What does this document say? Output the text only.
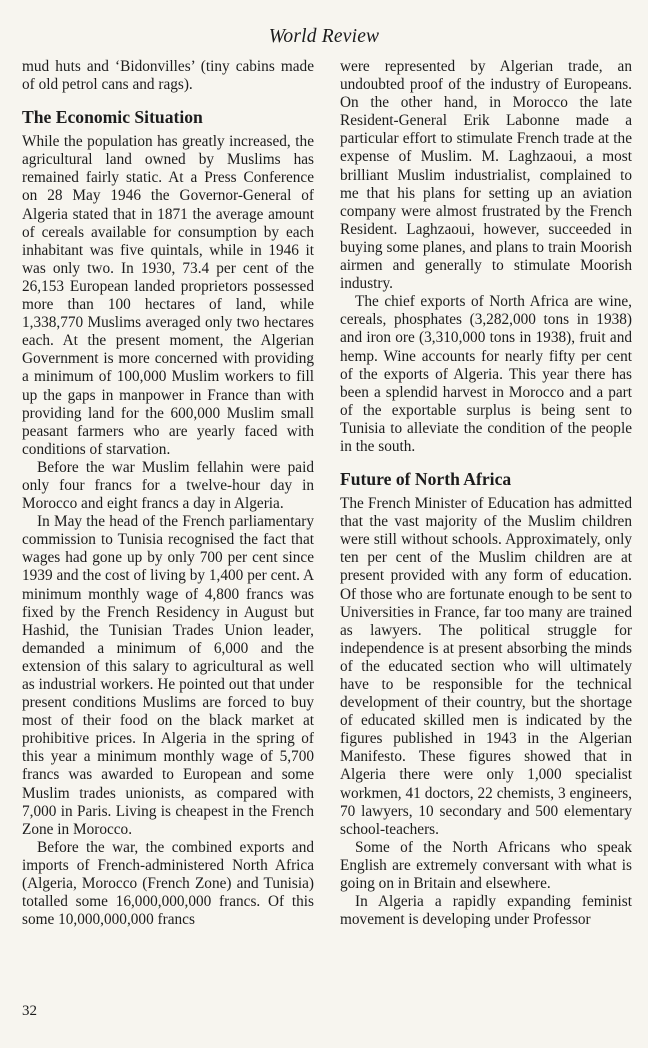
World Review

mud huts and ‘Bidonvilles’ (tiny cabins made of old petrol cans and rags).

The Economic Situation

While the population has greatly increased, the agricultural land owned by Muslims has remained fairly static. At a Press Conference on 28 May 1946 the Governor-General of Algeria stated that in 1871 the average amount of cereals available for consumption by each inhabitant was five quintals, while in 1946 it was only two. In 1930, 73.4 per cent of the 26,153 European landed proprietors possessed more than 100 hectares of land, while 1,338,770 Muslims averaged only two hectares each. At the present moment, the Algerian Government is more concerned with providing a minimum of 100,000 Muslim workers to fill up the gaps in manpower in France than with providing land for the 600,000 Muslim small peasant farmers who are yearly faced with conditions of starvation.

Before the war Muslim fellahin were paid only four francs for a twelve-hour day in Morocco and eight francs a day in Algeria.

In May the head of the French parliamentary commission to Tunisia recognised the fact that wages had gone up by only 700 per cent since 1939 and the cost of living by 1,400 per cent. A minimum monthly wage of 4,800 francs was fixed by the French Residency in August but Hashid, the Tunisian Trades Union leader, demanded a minimum of 6,000 and the extension of this salary to agricultural as well as industrial workers. He pointed out that under present conditions Muslims are forced to buy most of their food on the black market at prohibitive prices. In Algeria in the spring of this year a minimum monthly wage of 5,700 francs was awarded to European and some Muslim trades unionists, as compared with 7,000 in Paris. Living is cheapest in the French Zone in Morocco.

Before the war, the combined exports and imports of French-administered North Africa (Algeria, Morocco (French Zone) and Tunisia) totalled some 16,000,000,000 francs. Of this some 10,000,000,000 francs

were represented by Algerian trade, an undoubted proof of the industry of Europeans. On the other hand, in Morocco the late Resident-General Erik Labonne made a particular effort to stimulate French trade at the expense of Muslim. M. Laghzaoui, a most brilliant Muslim industrialist, complained to me that his plans for setting up an aviation company were almost frustrated by the French Resident. Laghzaoui, however, succeeded in buying some planes, and plans to train Moorish airmen and generally to stimulate Moorish industry.

The chief exports of North Africa are wine, cereals, phosphates (3,282,000 tons in 1938) and iron ore (3,310,000 tons in 1938), fruit and hemp. Wine accounts for nearly fifty per cent of the exports of Algeria. This year there has been a splendid harvest in Morocco and a part of the exportable surplus is being sent to Tunisia to alleviate the condition of the people in the south.

Future of North Africa

The French Minister of Education has admitted that the vast majority of the Muslim children were still without schools. Approximately, only ten per cent of the Muslim children are at present provided with any form of education. Of those who are fortunate enough to be sent to Universities in France, far too many are trained as lawyers. The political struggle for independence is at present absorbing the minds of the educated section who will ultimately have to be responsible for the technical development of their country, but the shortage of educated skilled men is indicated by the figures published in 1943 in the Algerian Manifesto. These figures showed that in Algeria there were only 1,000 specialist workmen, 41 doctors, 22 chemists, 3 engineers, 70 lawyers, 10 secondary and 500 elementary school-teachers.

Some of the North Africans who speak English are extremely conversant with what is going on in Britain and elsewhere.

In Algeria a rapidly expanding feminist movement is developing under Professor

32
